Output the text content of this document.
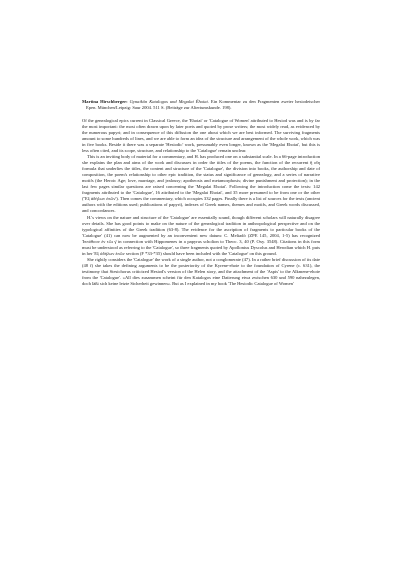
Martina Hirschberger: Gynaikōn Katalogos und Megalai Ēhoiai. Ein Kommentar zu den Fragmenten zweier hesiodeischer Epen. München/Leipzig: Saur 2004. 511 S. (Beiträge zur Altertumskunde. 198).

Of the genealogical epics current in Classical Greece, the 'Ehoiai' or 'Catalogue of Women' attributed to Hesiod was and is by far the most important: the most often drawn upon by later poets and quoted by prose writers; the most widely read, as evidenced by the numerous papyri; and in consequence of this diffusion the one about which we are best informed. The surviving fragments amount to some hundreds of lines, and we are able to form an idea of the structure and arrangement of the whole work, which was in five books. Beside it there was a separate 'Hesiodic' work, presumably even longer, known as the 'Megalai Ehoiai', but this is less often cited, and its scope, structure, and relationship to the 'Catalogue' remain unclear.

This is an inviting body of material for a commentary, and H. has produced one on a substantial scale. In a 66-page introduction she explains the plan and aims of the work and discusses in order the titles of the poems, the function of the recurrent ἢ οἵη formula that underlies the titles, the content and structure of the 'Catalogue', the division into books, the authorship and date of composition, the poem's relationship to other epic tradition, the status and significance of genealogy, and a series of narrative motifs (the Heroic Age; love, marriage, and jealousy; apotheosis and metamorphosis; divine punishment and protection); in the last few pages similar questions are raised concerning the 'Megalai Ehoiai'. Following the introduction come the texts: 142 fragments attributed to the 'Catalogue', 16 attributed to the 'Megalai Ehoiai', and 35 more presumed to be from one or the other ('Ἐξ ἀδήλων ἐπῶν'). Then comes the commentary, which occupies 332 pages. Finally there is a list of sources for the texts (ancient authors with the editions used; publications of papyri), indexes of Greek names, themes and motifs, and Greek words discussed, and concordances.

H.'s views on the nature and structure of the 'Catalogue' are essentially sound, though different scholars will naturally disagree over details. She has good points to make on the nature of the genealogical tradition in anthropological perspective and on the typological affinities of the Greek tradition (63-8). The evidence for the ascription of fragments to particular books of the 'Catalogue' (41) can now be augmented by an inconvenient new datum: C. Meliadò (ZPE 145, 2004, 1-5) has recognized Ἱππόθοον ἐν τῶι γ̄ in connection with Hippomenes in a papyrus scholion to Theoc. 3, 40 (P. Oxy. 3548). Citations in this form must be understood as referring to the 'Catalogue', so three fragments quoted by Apollonius Dyscolus and Herodian which H. puts in her Ἐξ ἀδήλων ἐπῶν section (F *33-*35) should have been included with the 'Catalogue' on this ground.

She rightly considers the 'Catalogue' the work of a single author, not a conglomerate (47). In a rather brief discussion of its date (48 f) she takes the defining arguments to be the posteriority of the Kyrene-ehoie to the foundation of Cyrene (c. 631), the testimony that Stesichorus criticized Hesiod's version of the Helen story, and the attachment of the 'Aspis' to the Alkmene-ehoie from the 'Catalogue'. »All dies zusammen scheint für den Katalogos eine Datierung etwa zwischen 630 und 590 nahezulegen, doch läßt sich keine letzte Sicherheit gewinnen«. But as I explained in my book 'The Hesiodic Catalogue of Women'
